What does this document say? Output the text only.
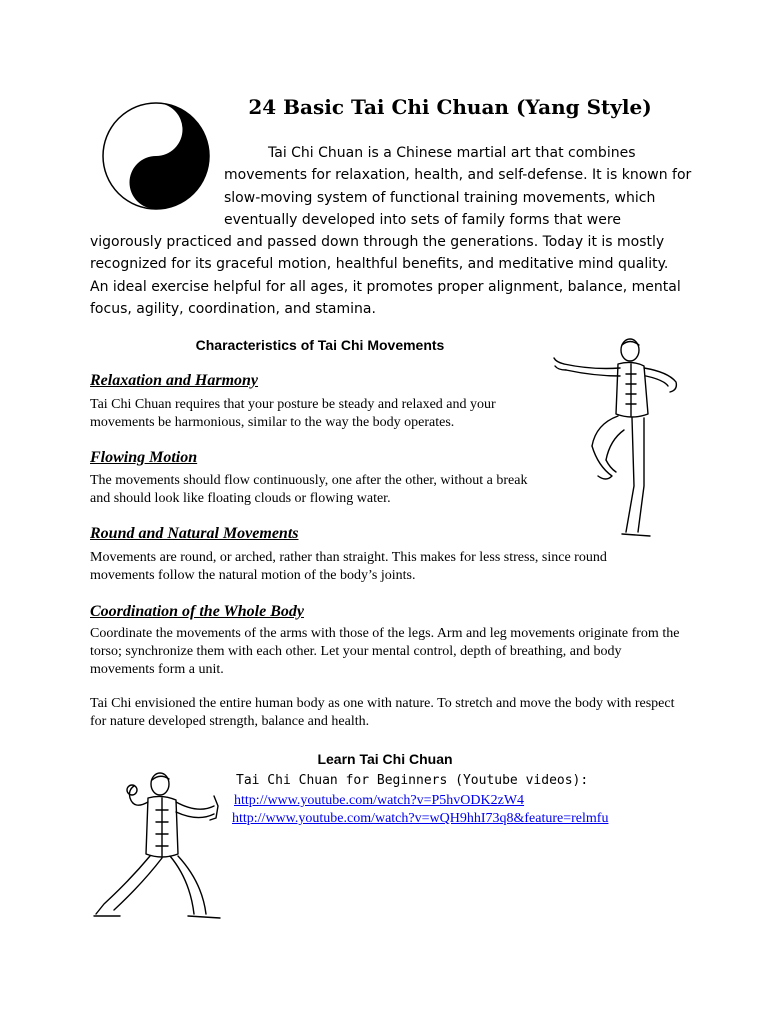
24 Basic Tai Chi Chuan (Yang Style)

Tai Chi Chuan is a Chinese martial art that combines movements for relaxation, health, and self-defense. It is known for slow-moving system of functional training movements, which eventually developed into sets of family forms that were

vigorously practiced and passed down through the generations. Today it is mostly recognized for its graceful motion, healthful benefits, and meditative mind quality. An ideal exercise helpful for all ages, it promotes proper alignment, balance, mental focus, agility, coordination, and stamina.

Characteristics of Tai Chi Movements
Relaxation and Harmony

Tai Chi Chuan requires that your posture be steady and relaxed and your movements be harmonious, similar to the way the body operates.

Flowing Motion

The movements should flow continuously, one after the other, without a break and should look like floating clouds or flowing water.

Round and Natural Movements

Movements are round, or arched, rather than straight. This makes for less stress, since round movements follow the natural motion of the body’s joints.

Coordination of the Whole Body

Coordinate the movements of the arms with those of the legs. Arm and leg movements originate from the torso; synchronize them with each other. Let your mental control, depth of breathing, and body movements form a unit.

Tai Chi envisioned the entire human body as one with nature. To stretch and move the body with respect for nature developed strength, balance and health.

Learn Tai Chi Chuan

Tai Chi Chuan for Beginners (Youtube videos):

http://www.youtube.com/watch?v=P5hvODK2zW4
http://www.youtube.com/watch?v=wQH9hhI73q8&feature=relmfu
